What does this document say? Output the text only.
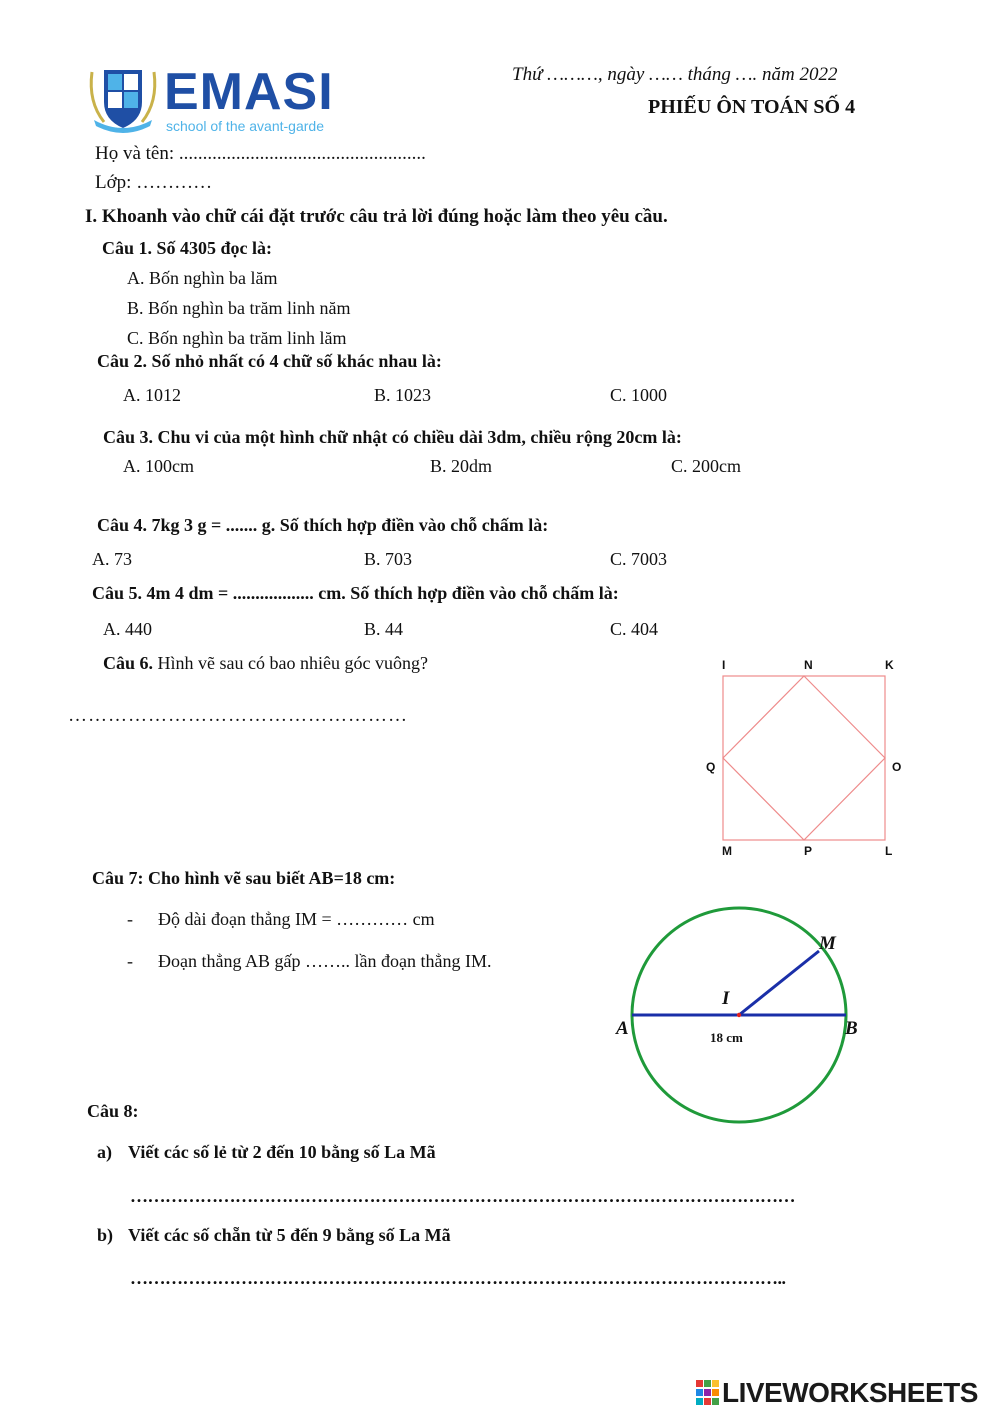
EMASI
school of the avant-garde
Thứ ………, ngày …… tháng …. năm 2022
PHIẾU ÔN TOÁN SỐ 4
Họ và tên: ....................................................
Lớp: …………
I. Khoanh vào chữ cái đặt trước câu trả lời đúng hoặc làm theo yêu cầu.
Câu 1. Số 4305 đọc là:
A. Bốn nghìn ba lăm
B. Bốn nghìn ba trăm linh năm
C. Bốn nghìn ba trăm linh lăm
Câu 2. Số nhỏ nhất có 4 chữ số khác nhau là:
A. 1012	B. 1023	C. 1000
Câu 3. Chu vi của một hình chữ nhật có chiều dài 3dm, chiều rộng 20cm là:
A. 100cm	B. 20dm	C. 200cm
Câu 4. 7kg 3 g = ....... g. Số thích hợp điền vào chỗ chấm là:
A. 73	B. 703	C. 7003
Câu 5. 4m 4 dm = .................. cm. Số thích hợp điền vào chỗ chấm là:
A. 440	B. 44	C. 404
Câu 6. Hình vẽ sau có bao nhiêu góc vuông?
……………………………………………
I	N	K
Q	O
M	P	L
Câu 7: Cho hình vẽ sau biết AB=18 cm:
- Độ dài đoạn thẳng IM = ………… cm
- Đoạn thẳng AB gấp …….. lần đoạn thẳng IM.
A	B
I
M
18 cm
Câu 8:
a) Viết các số lẻ từ 2 đến 10 bằng số La Mã
……………………………………………………………………………………………………
b) Viết các số chẵn từ 5 đến 9 bằng số La Mã
…………………………………………………………………………………………………..
LIVEWORKSHEETS
